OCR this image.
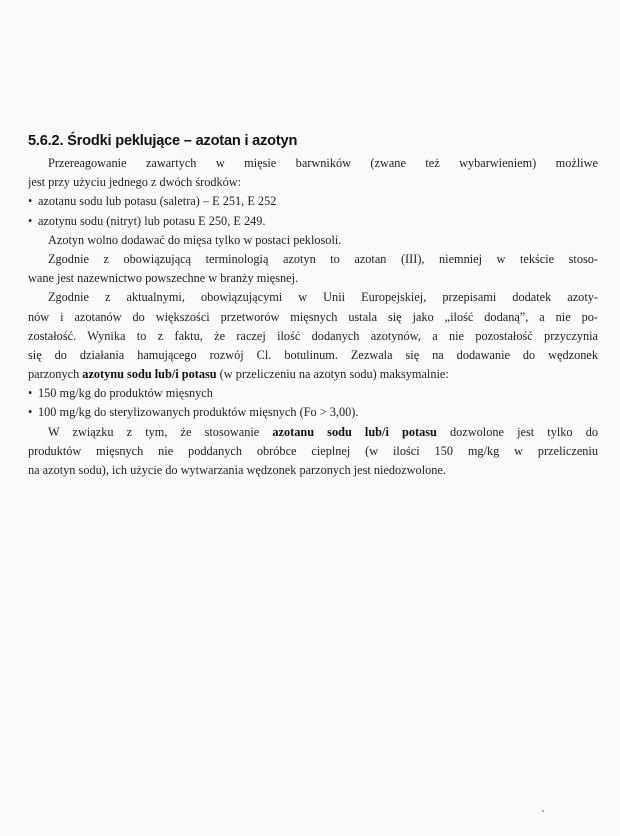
5.6.2. Środki peklujące – azotan i azotyn
Przereagowanie zawartych w mięsie barwników (zwane też wybarwieniem) możliwe
jest przy użyciu jednego z dwóch środków:
• azotanu sodu lub potasu (saletra) – E 251, E 252
• azotynu sodu (nitryt) lub potasu E 250, E 249.
Azotyn wolno dodawać do mięsa tylko w postaci peklosoli.
Zgodnie z obowiązującą terminologią azotyn to azotan (III), niemniej w tekście stoso-
wane jest nazewnictwo powszechne w branży mięsnej.
Zgodnie z aktualnymi, obowiązującymi w Unii Europejskiej, przepisami dodatek azoty-
nów i azotanów do większości przetworów mięsnych ustala się jako „ilość dodaną”, a nie po-
zostałość. Wynika to z faktu, że raczej ilość dodanych azotynów, a nie pozostałość przyczynia
się do działania hamującego rozwój Cl. botulinum. Zezwala się na dodawanie do wędzonek
parzonych azotynu sodu lub/i potasu (w przeliczeniu na azotyn sodu) maksymalnie:
• 150 mg/kg do produktów mięsnych
• 100 mg/kg do sterylizowanych produktów mięsnych (Fo > 3,00).
W związku z tym, że stosowanie azotanu sodu lub/i potasu dozwolone jest tylko do
produktów mięsnych nie poddanych obróbce cieplnej (w ilości 150 mg/kg w przeliczeniu
na azotyn sodu), ich użycie do wytwarzania wędzonek parzonych jest niedozwolone.
